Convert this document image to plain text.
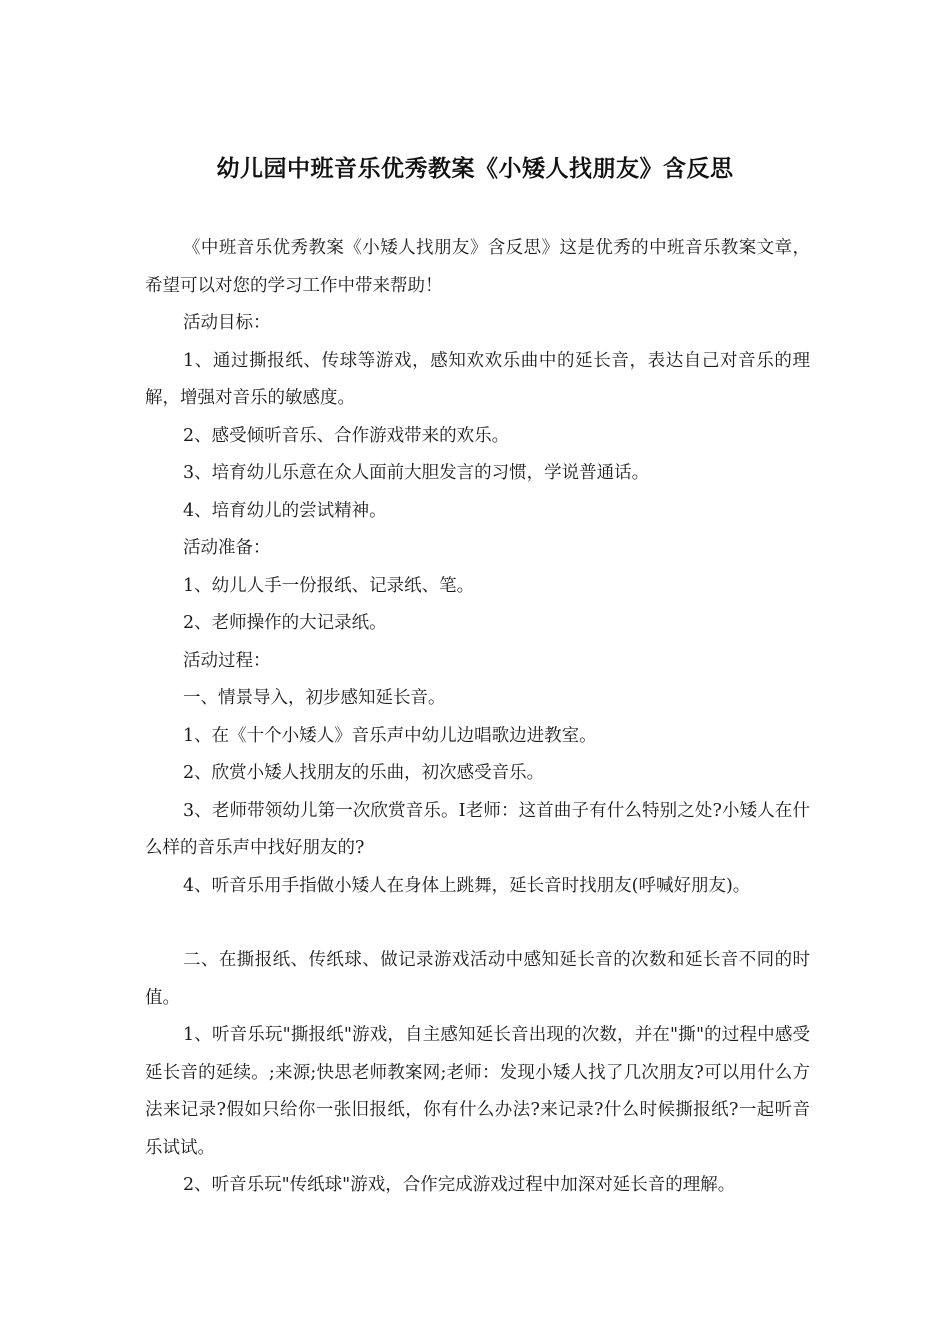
幼儿园中班音乐优秀教案《小矮人找朋友》含反思

《中班音乐优秀教案《小矮人找朋友》含反思》这是优秀的中班音乐教案文章，希望可以对您的学习工作中带来帮助！

活动目标：

1、通过撕报纸、传球等游戏，感知欢欢乐曲中的延长音，表达自己对音乐的理解，增强对音乐的敏感度。

2、感受倾听音乐、合作游戏带来的欢乐。

3、培育幼儿乐意在众人面前大胆发言的习惯，学说普通话。

4、培育幼儿的尝试精神。

活动准备：

1、幼儿人手一份报纸、记录纸、笔。

2、老师操作的大记录纸。

活动过程：

一、情景导入，初步感知延长音。

1、在《十个小矮人》音乐声中幼儿边唱歌边进教室。

2、欣赏小矮人找朋友的乐曲，初次感受音乐。

3、老师带领幼儿第一次欣赏音乐。I老师：这首曲子有什么特别之处?小矮人在什么样的音乐声中找好朋友的?

4、听音乐用手指做小矮人在身体上跳舞，延长音时找朋友(呼喊好朋友)。

二、在撕报纸、传纸球、做记录游戏活动中感知延长音的次数和延长音不同的时值。

1、听音乐玩"撕报纸"游戏，自主感知延长音出现的次数，并在"撕"的过程中感受延长音的延续。;来源;快思老师教案网;老师：发现小矮人找了几次朋友?可以用什么方法来记录?假如只给你一张旧报纸，你有什么办法?来记录?什么时候撕报纸?一起听音乐试试。

2、听音乐玩"传纸球"游戏，合作完成游戏过程中加深对延长音的理解。
